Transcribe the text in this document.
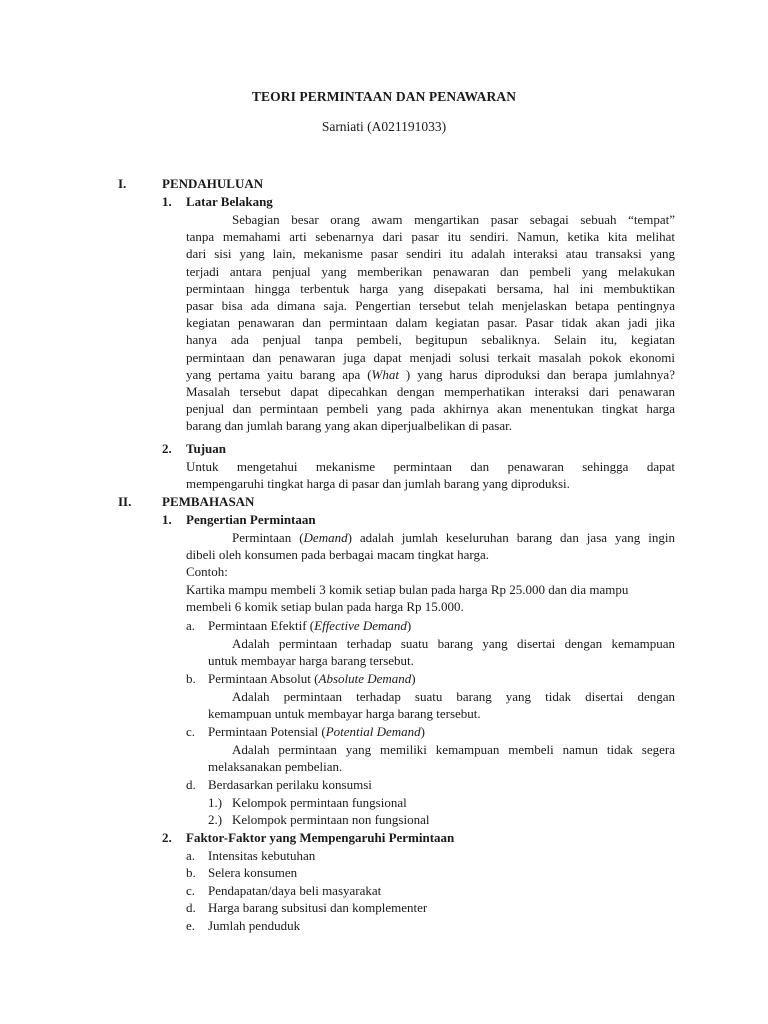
TEORI PERMINTAAN DAN PENAWARAN
Sarniati (A021191033)
I.	PENDAHULUAN
1. Latar Belakang
Sebagian besar orang awam mengartikan pasar sebagai sebuah “tempat”
tanpa memahami arti sebenarnya dari pasar itu sendiri. Namun, ketika kita melihat
dari sisi yang lain, mekanisme pasar sendiri itu adalah interaksi atau transaksi yang
terjadi antara penjual yang memberikan penawaran dan pembeli yang melakukan
permintaan hingga terbentuk harga yang disepakati bersama, hal ini membuktikan
pasar bisa ada dimana saja. Pengertian tersebut telah menjelaskan betapa pentingnya
kegiatan penawaran dan permintaan dalam kegiatan pasar. Pasar tidak akan jadi jika
hanya ada penjual tanpa pembeli, begitupun sebaliknya. Selain itu, kegiatan
permintaan dan penawaran juga dapat menjadi solusi terkait masalah pokok ekonomi
yang pertama yaitu barang apa (What ) yang harus diproduksi dan berapa jumlahnya?
Masalah tersebut dapat dipecahkan dengan memperhatikan interaksi dari penawaran
penjual dan permintaan pembeli yang pada akhirnya akan menentukan tingkat harga
barang dan jumlah barang yang akan diperjualbelikan di pasar.
2. Tujuan
Untuk mengetahui mekanisme permintaan dan penawaran sehingga dapat
mempengaruhi tingkat harga di pasar dan jumlah barang yang diproduksi.
II. PEMBAHASAN
1. Pengertian Permintaan
Permintaan (Demand) adalah jumlah keseluruhan barang dan jasa yang ingin
dibeli oleh konsumen pada berbagai macam tingkat harga.
Contoh:
Kartika mampu membeli 3 komik setiap bulan pada harga Rp 25.000 dan dia mampu
membeli 6 komik setiap bulan pada harga Rp 15.000.
a. Permintaan Efektif (Effective Demand)
Adalah permintaan terhadap suatu barang yang disertai dengan kemampuan
untuk membayar harga barang tersebut.
b. Permintaan Absolut (Absolute Demand)
Adalah permintaan terhadap suatu barang yang tidak disertai dengan
kemampuan untuk membayar harga barang tersebut.
c. Permintaan Potensial (Potential Demand)
Adalah permintaan yang memiliki kemampuan membeli namun tidak segera
melaksanakan pembelian.
d. Berdasarkan perilaku konsumsi
1.) Kelompok permintaan fungsional
2.) Kelompok permintaan non fungsional
2. Faktor-Faktor yang Mempengaruhi Permintaan
a. Intensitas kebutuhan
b. Selera konsumen
c. Pendapatan/daya beli masyarakat
d. Harga barang subsitusi dan komplementer
e. Jumlah penduduk
